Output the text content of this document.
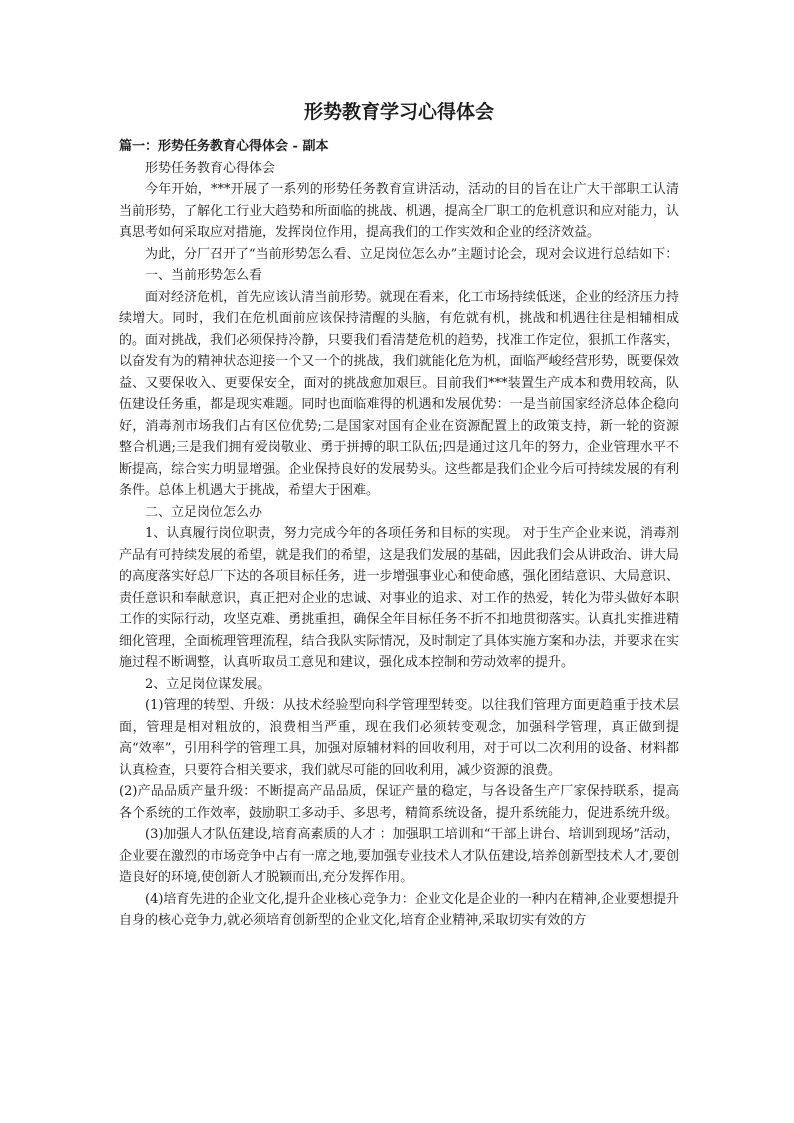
形势教育学习心得体会
篇一：形势任务教育心得体会 - 副本
形势任务教育心得体会
今年开始，***开展了一系列的形势任务教育宣讲活动，活动的目的旨在让广大干部职工认清当前形势，了解化工行业大趋势和所面临的挑战、机遇，提高全厂职工的危机意识和应对能力，认真思考如何采取应对措施，发挥岗位作用，提高我们的工作实效和企业的经济效益。
为此，分厂召开了“当前形势怎么看、立足岗位怎么办”主题讨论会，现对会议进行总结如下：
一、当前形势怎么看
面对经济危机，首先应该认清当前形势。就现在看来，化工市场持续低迷，企业的经济压力持续增大。同时，我们在危机面前应该保持清醒的头脑，有危就有机，挑战和机遇往往是相辅相成的。面对挑战，我们必须保持冷静，只要我们看清楚危机的趋势，找准工作定位，狠抓工作落实，以奋发有为的精神状态迎接一个又一个的挑战，我们就能化危为机，面临严峻经营形势，既要保效益、又要保收入、更要保安全，面对的挑战愈加艰巨。目前我们***装置生产成本和费用较高，队伍建设任务重，都是现实难题。同时也面临难得的机遇和发展优势：一是当前国家经济总体企稳向好，消毒剂市场我们占有区位优势;二是国家对国有企业在资源配置上的政策支持，新一轮的资源整合机遇;三是我们拥有爱岗敬业、勇于拼搏的职工队伍;四是通过这几年的努力，企业管理水平不断提高，综合实力明显增强。企业保持良好的发展势头。这些都是我们企业今后可持续发展的有利条件。总体上机遇大于挑战，希望大于困难。
二、立足岗位怎么办
1、认真履行岗位职责，努力完成今年的各项任务和目标的实现。 对于生产企业来说，消毒剂产品有可持续发展的希望，就是我们的希望，这是我们发展的基础，因此我们会从讲政治、讲大局的高度落实好总厂下达的各项目标任务，进一步增强事业心和使命感，强化团结意识、大局意识、责任意识和奉献意识，真正把对企业的忠诚、对事业的追求、对工作的热爱，转化为带头做好本职工作的实际行动，攻坚克难、勇挑重担，确保全年目标任务不折不扣地贯彻落实。认真扎实推进精细化管理，全面梳理管理流程，结合我队实际情况，及时制定了具体实施方案和办法，并要求在实施过程不断调整，认真听取员工意见和建议，强化成本控制和劳动效率的提升。
2、立足岗位谋发展。
(1)管理的转型、升级：从技术经验型向科学管理型转变。以往我们管理方面更趋重于技术层面，管理是相对粗放的，浪费相当严重，现在我们必须转变观念，加强科学管理，真正做到提高“效率”，引用科学的管理工具，加强对原辅材料的回收利用，对于可以二次利用的设备、材料都认真检查，只要符合相关要求，我们就尽可能的回收利用，减少资源的浪费。
(2)产品品质产量升级：不断提高产品品质，保证产量的稳定，与各设备生产厂家保持联系，提高各个系统的工作效率，鼓励职工多动手、多思考，精简系统设备，提升系统能力，促进系统升级。
(3)加强人才队伍建设,培育高素质的人才 ：加强职工培训和“干部上讲台、培训到现场”活动，企业要在激烈的市场竞争中占有一席之地,要加强专业技术人才队伍建设,培养创新型技术人才,要创造良好的环境,使创新人才脱颖而出,充分发挥作用。
(4)培育先进的企业文化,提升企业核心竞争力：企业文化是企业的一种内在精神,企业要想提升自身的核心竞争力,就必须培育创新型的企业文化,培育企业精神,采取切实有效的方
